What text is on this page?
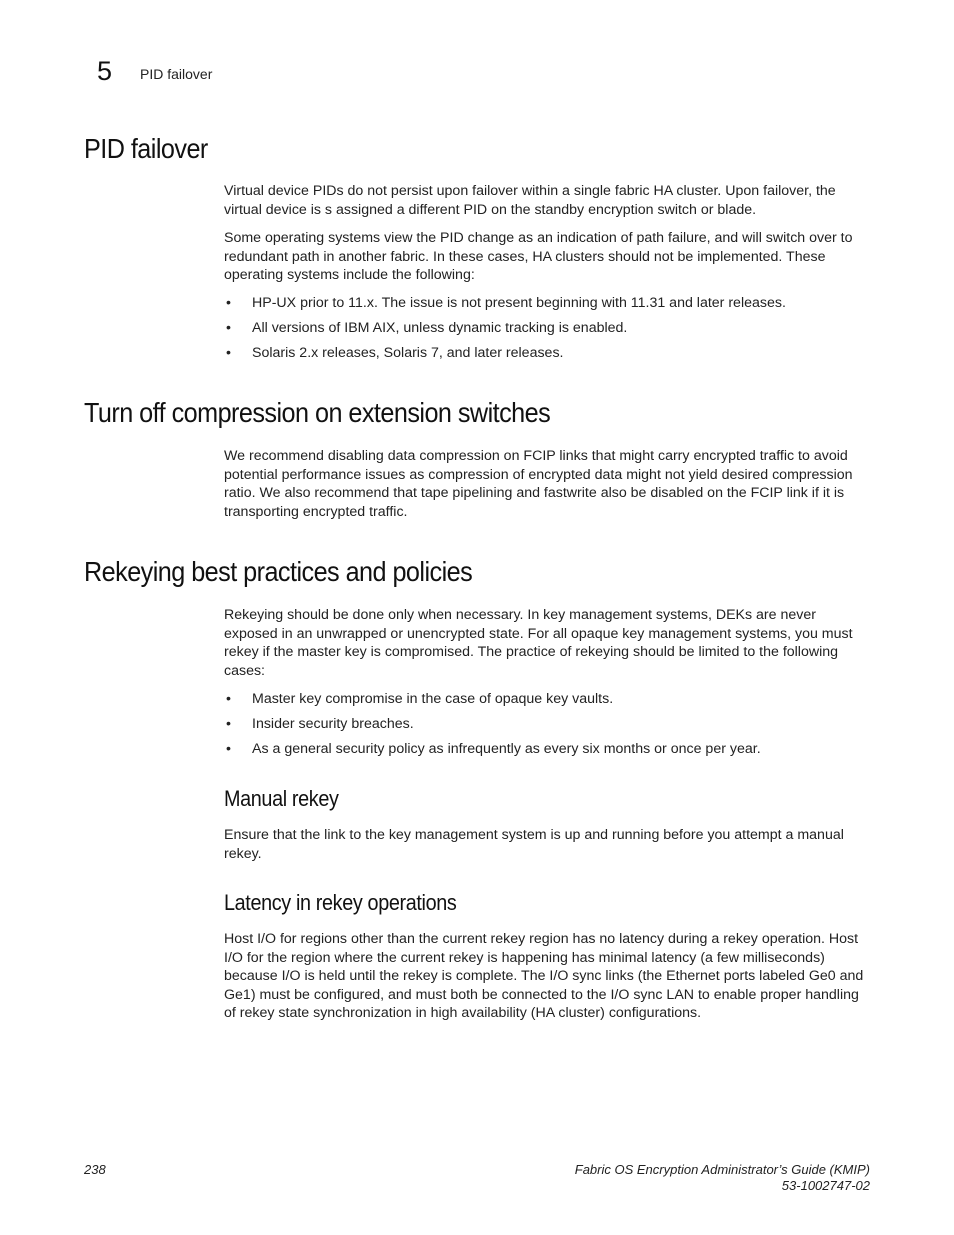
5 PID failover
PID failover

Virtual device PIDs do not persist upon failover within a single fabric HA cluster. Upon failover, the virtual device is s assigned a different PID on the standby encryption switch or blade.

Some operating systems view the PID change as an indication of path failure, and will switch over to redundant path in another fabric. In these cases, HA clusters should not be implemented. These operating systems include the following:

• HP-UX prior to 11.x. The issue is not present beginning with 11.31 and later releases.
• All versions of IBM AIX, unless dynamic tracking is enabled.
• Solaris 2.x releases, Solaris 7, and later releases.
Turn off compression on extension switches

We recommend disabling data compression on FCIP links that might carry encrypted traffic to avoid potential performance issues as compression of encrypted data might not yield desired compression ratio. We also recommend that tape pipelining and fastwrite also be disabled on the FCIP link if it is transporting encrypted traffic.

Rekeying best practices and policies

Rekeying should be done only when necessary. In key management systems, DEKs are never exposed in an unwrapped or unencrypted state. For all opaque key management systems, you must rekey if the master key is compromised. The practice of rekeying should be limited to the following cases:

• Master key compromise in the case of opaque key vaults.
• Insider security breaches.
• As a general security policy as infrequently as every six months or once per year.
Manual rekey

Ensure that the link to the key management system is up and running before you attempt a manual rekey.

Latency in rekey operations

Host I/O for regions other than the current rekey region has no latency during a rekey operation. Host I/O for the region where the current rekey is happening has minimal latency (a few milliseconds) because I/O is held until the rekey is complete. The I/O sync links (the Ethernet ports labeled Ge0 and Ge1) must be configured, and must both be connected to the I/O sync LAN to enable proper handling of rekey state synchronization in high availability (HA cluster) configurations.

238	Fabric OS Encryption Administrator’s Guide (KMIP)
53-1002747-02
